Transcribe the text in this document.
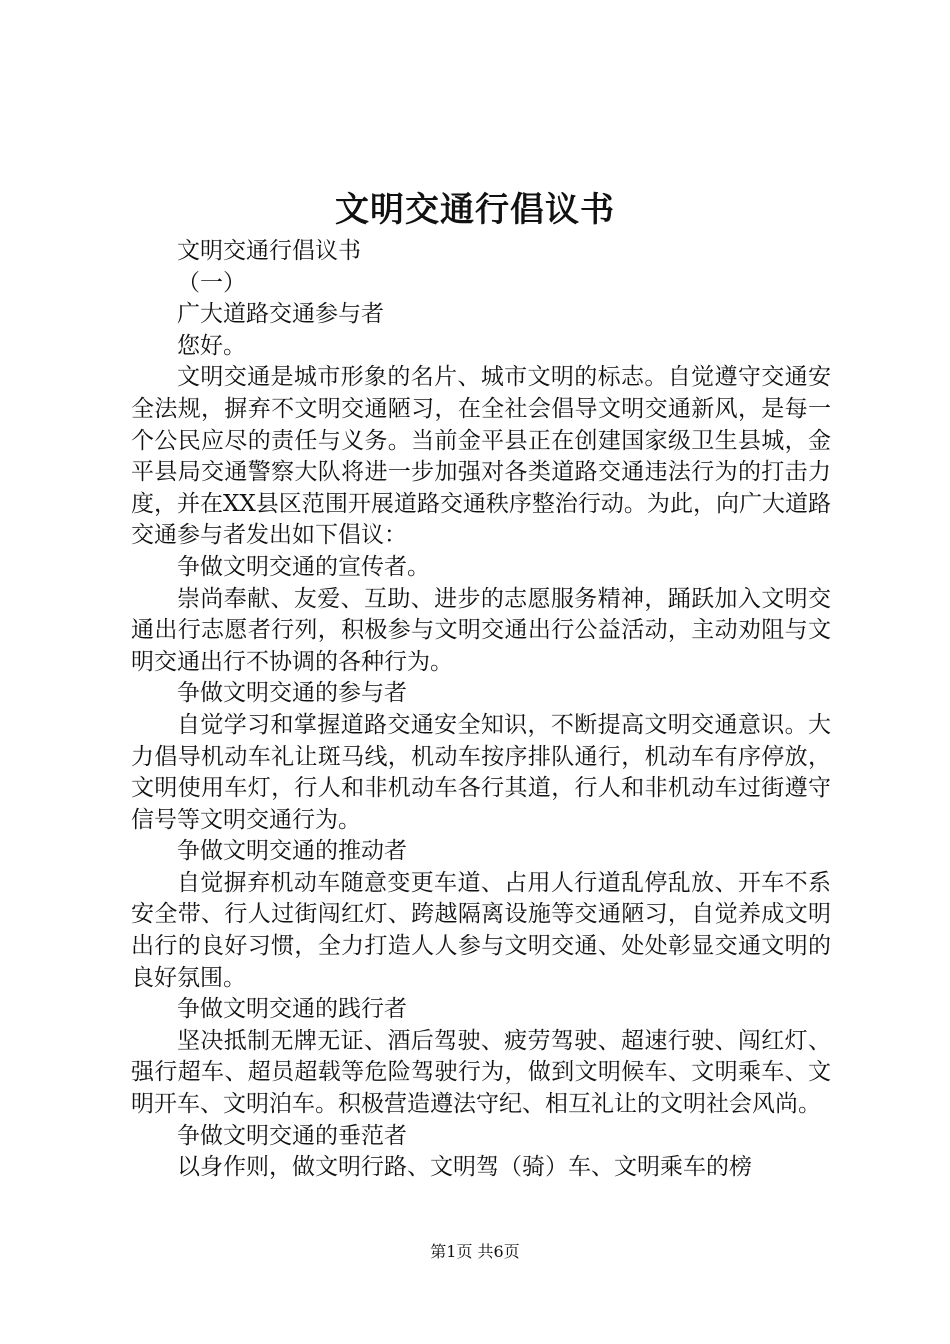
文明交通行倡议书

文明交通行倡议书

（一）

广大道路交通参与者

您好。

文明交通是城市形象的名片、城市文明的标志。自觉遵守交通安全法规，摒弃不文明交通陋习，在全社会倡导文明交通新风，是每一个公民应尽的责任与义务。当前金平县正在创建国家级卫生县城，金平县局交通警察大队将进一步加强对各类道路交通违法行为的打击力度，并在XX县区范围开展道路交通秩序整治行动。为此，向广大道路交通参与者发出如下倡议：

争做文明交通的宣传者。

崇尚奉献、友爱、互助、进步的志愿服务精神，踊跃加入文明交通出行志愿者行列，积极参与文明交通出行公益活动，主动劝阻与文明交通出行不协调的各种行为。

争做文明交通的参与者

自觉学习和掌握道路交通安全知识，不断提高文明交通意识。大力倡导机动车礼让斑马线，机动车按序排队通行，机动车有序停放，文明使用车灯，行人和非机动车各行其道，行人和非机动车过街遵守信号等文明交通行为。

争做文明交通的推动者

自觉摒弃机动车随意变更车道、占用人行道乱停乱放、开车不系安全带、行人过街闯红灯、跨越隔离设施等交通陋习，自觉养成文明出行的良好习惯，全力打造人人参与文明交通、处处彰显交通文明的良好氛围。

争做文明交通的践行者

坚决抵制无牌无证、酒后驾驶、疲劳驾驶、超速行驶、闯红灯、强行超车、超员超载等危险驾驶行为，做到文明候车、文明乘车、文明开车、文明泊车。积极营造遵法守纪、相互礼让的文明社会风尚。

争做文明交通的垂范者

以身作则，做文明行路、文明驾（骑）车、文明乘车的榜

第1页 共6页
